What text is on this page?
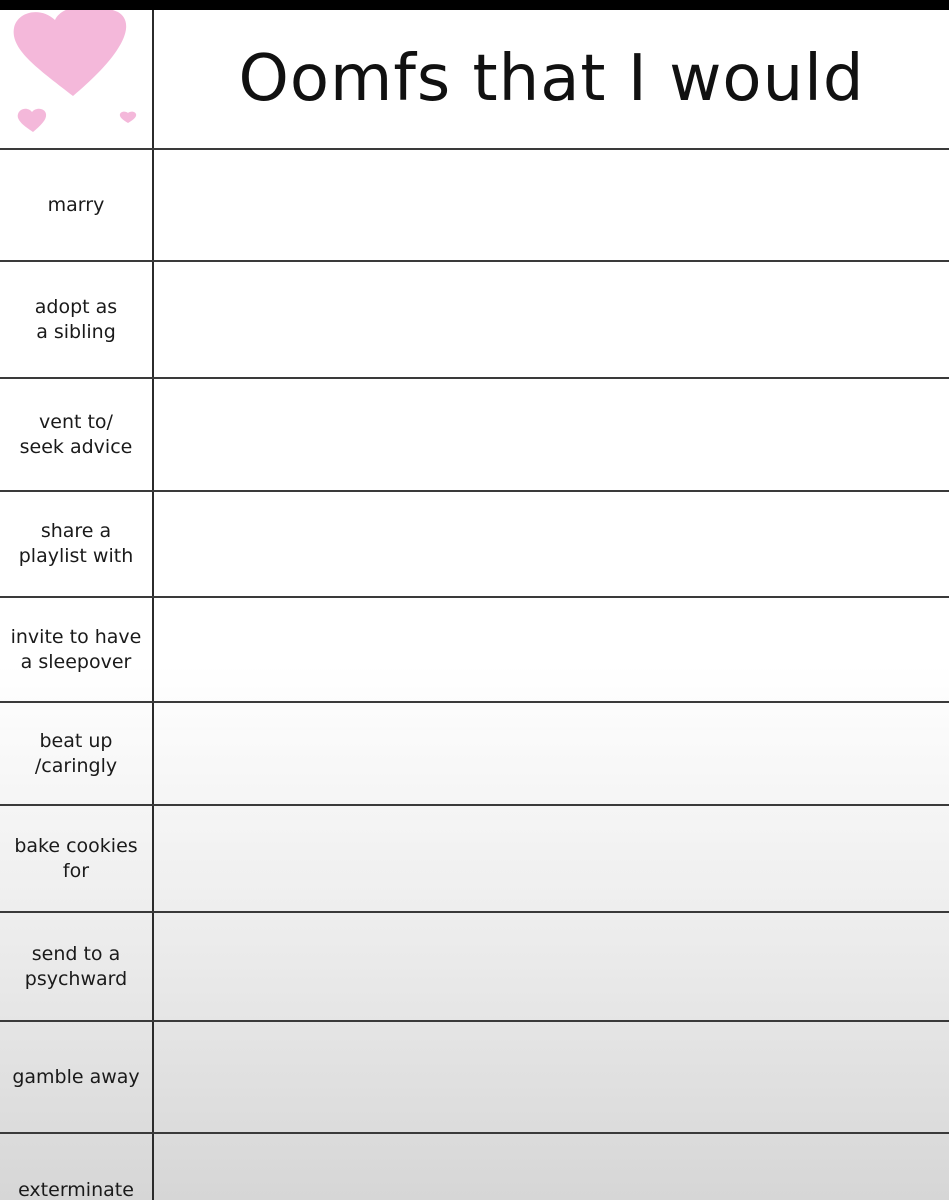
Oomfs that I would
marry
adopt as
a sibling
vent to/
seek advice
share a
playlist with
invite to have
a sleepover
beat up
/caringly
bake cookies
for
send to a
psychward
gamble away
exterminate
